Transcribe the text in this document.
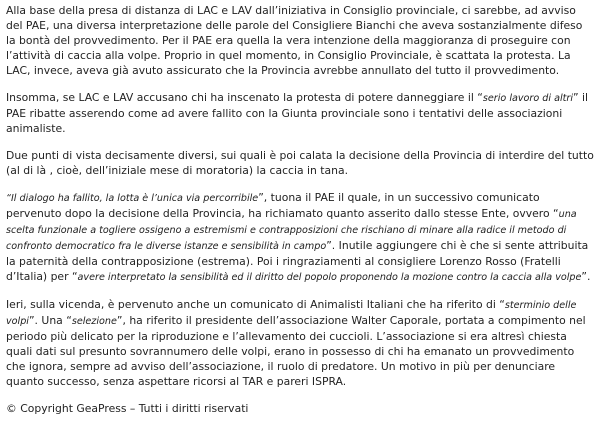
Alla base della presa di distanza di LAC e LAV dall’iniziativa in Consiglio provinciale, ci sarebbe, ad avviso del PAE, una diversa interpretazione delle parole del Consigliere Bianchi che aveva sostanzialmente difeso la bontà del provvedimento. Per il PAE era quella la vera intenzione della maggioranza di proseguire con l’attività di caccia alla volpe. Proprio in quel momento, in Consiglio Provinciale, è scattata la protesta. La LAC, invece, aveva già avuto assicurato che la Provincia avrebbe annullato del tutto il provvedimento.

Insomma, se LAC e LAV accusano chi ha inscenato la protesta di potere danneggiare il “serio lavoro di altri” il PAE ribatte asserendo come ad avere fallito con la Giunta provinciale sono i tentativi delle associazioni animaliste.

Due punti di vista decisamente diversi, sui quali è poi calata la decisione della Provincia di interdire del tutto (al di là , cioè, dell’iniziale mese di moratoria) la caccia in tana.

“Il dialogo ha fallito, la lotta è l’unica via percorribile”, tuona il PAE il quale, in un successivo comunicato pervenuto dopo la decisione della Provincia, ha richiamato quanto asserito dallo stesse Ente, ovvero “una scelta funzionale a togliere ossigeno a estremismi e contrapposizioni che rischiano di minare alla radice il metodo di confronto democratico fra le diverse istanze e sensibilità in campo”. Inutile aggiungere chi è che si sente attribuita la paternità della contrapposizione (estrema). Poi i ringraziamenti al consigliere Lorenzo Rosso (Fratelli d’Italia) per “avere interpretato la sensibilità ed il diritto del popolo proponendo la mozione contro la caccia alla volpe”.

Ieri, sulla vicenda, è pervenuto anche un comunicato di Animalisti Italiani che ha riferito di “sterminio delle volpi”. Una “selezione”, ha riferito il presidente dell’associazione Walter Caporale, portata a compimento nel periodo più delicato per la riproduzione e l’allevamento dei cuccioli. L’associazione si era altresì chiesta quali dati sul presunto sovrannumero delle volpi, erano in possesso di chi ha emanato un provvedimento che ignora, sempre ad avviso dell’associazione, il ruolo di predatore. Un motivo in più per denunciare quanto successo, senza aspettare ricorsi al TAR e pareri ISPRA.

© Copyright GeaPress – Tutti i diritti riservati
